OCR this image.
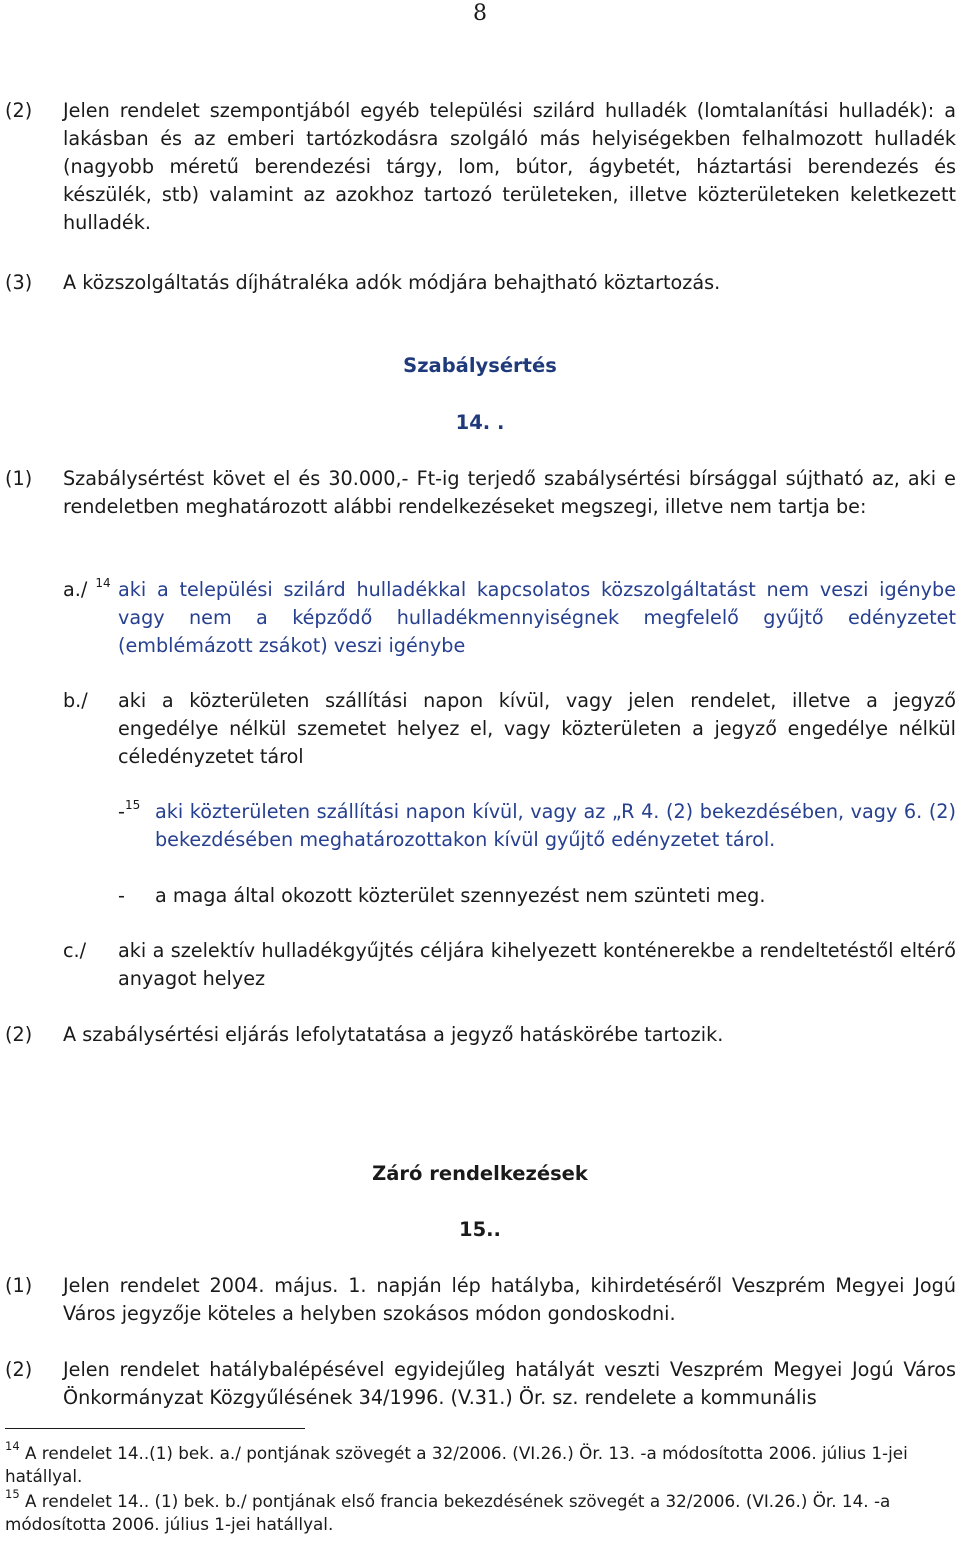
8
(2) Jelen rendelet szempontjából egyéb települési szilárd hulladék (lomtalanítási hulladék): a lakásban és az emberi tartózkodásra szolgáló más helyiségekben felhalmozott hulladék (nagyobb méretű berendezési tárgy, lom, bútor, ágybetét, háztartási berendezés és készülék, stb) valamint az azokhoz tartozó területeken, illetve közterületeken keletkezett hulladék.
(3) A közszolgáltatás díjhátraléka adók módjára behajtható köztartozás.
Szabálysértés
14. .
(1) Szabálysértést követ el és 30.000,- Ft-ig terjedő szabálysértési bírsággal sújtható az, aki e rendeletben meghatározott alábbi rendelkezéseket megszegi, illetve nem tartja be:
a./ $^{14}$ aki a települési szilárd hulladékkal kapcsolatos közszolgáltatást nem veszi igénybe vagy nem a képződő hulladékmennyiségnek megfelelő gyűjtő edényzetet (emblémázott zsákot) veszi igénybe
b./ aki a közterületen szállítási napon kívül, vagy jelen rendelet, illetve a jegyző engedélye nélkül szemetet helyez el, vagy közterületen a jegyző engedélye nélkül céledényzetet tárol
-$^{15}$ aki közterületen szállítási napon kívül, vagy az „R 4. (2) bekezdésében, vagy 6. (2) bekezdésében meghatározottakon kívül gyűjtő edényzetet tárol.
- a maga által okozott közterület szennyezést nem szünteti meg.
c./ aki a szelektív hulladékgyűjtés céljára kihelyezett konténerekbe a rendeltetéstől eltérő anyagot helyez
(2) A szabálysértési eljárás lefolytatatása a jegyző hatáskörébe tartozik.
Záró rendelkezések
15..
(1) Jelen rendelet 2004. május. 1. napján lép hatályba, kihirdetéséről Veszprém Megyei Jogú Város jegyzője köteles a helyben szokásos módon gondoskodni.
(2) Jelen rendelet hatálybalépésével egyidejűleg hatályát veszti Veszprém Megyei Jogú Város Önkormányzat Közgyűlésének 34/1996. (V.31.) Ör. sz. rendelete a kommunális
$^{14}$ A rendelet 14..(1) bek. a./ pontjának szövegét a 32/2006. (VI.26.) Ör. 13. -a módosította 2006. július 1-jei hatállyal.
$^{15}$ A rendelet 14.. (1) bek. b./ pontjának első francia bekezdésének szövegét a 32/2006. (VI.26.) Ör. 14. -a módosította 2006. július 1-jei hatállyal.
